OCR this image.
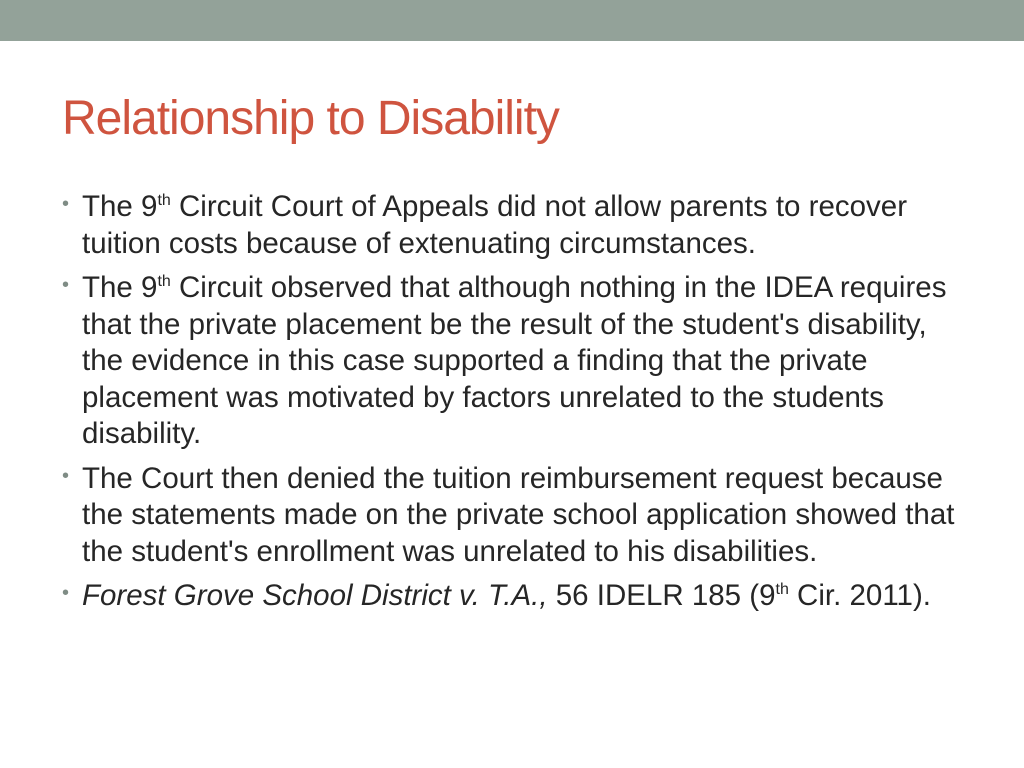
Relationship to Disability
• The 9th Circuit Court of Appeals did not allow parents to recover tuition costs because of extenuating circumstances.
• The 9th Circuit observed that although nothing in the IDEA requires that the private placement be the result of the student's disability, the evidence in this case supported a finding that the private placement was motivated by factors unrelated to the students disability.
• The Court then denied the tuition reimbursement request because the statements made on the private school application showed that the student's enrollment was unrelated to his disabilities.
• Forest Grove School District v. T.A., 56 IDELR 185 (9th Cir. 2011).
